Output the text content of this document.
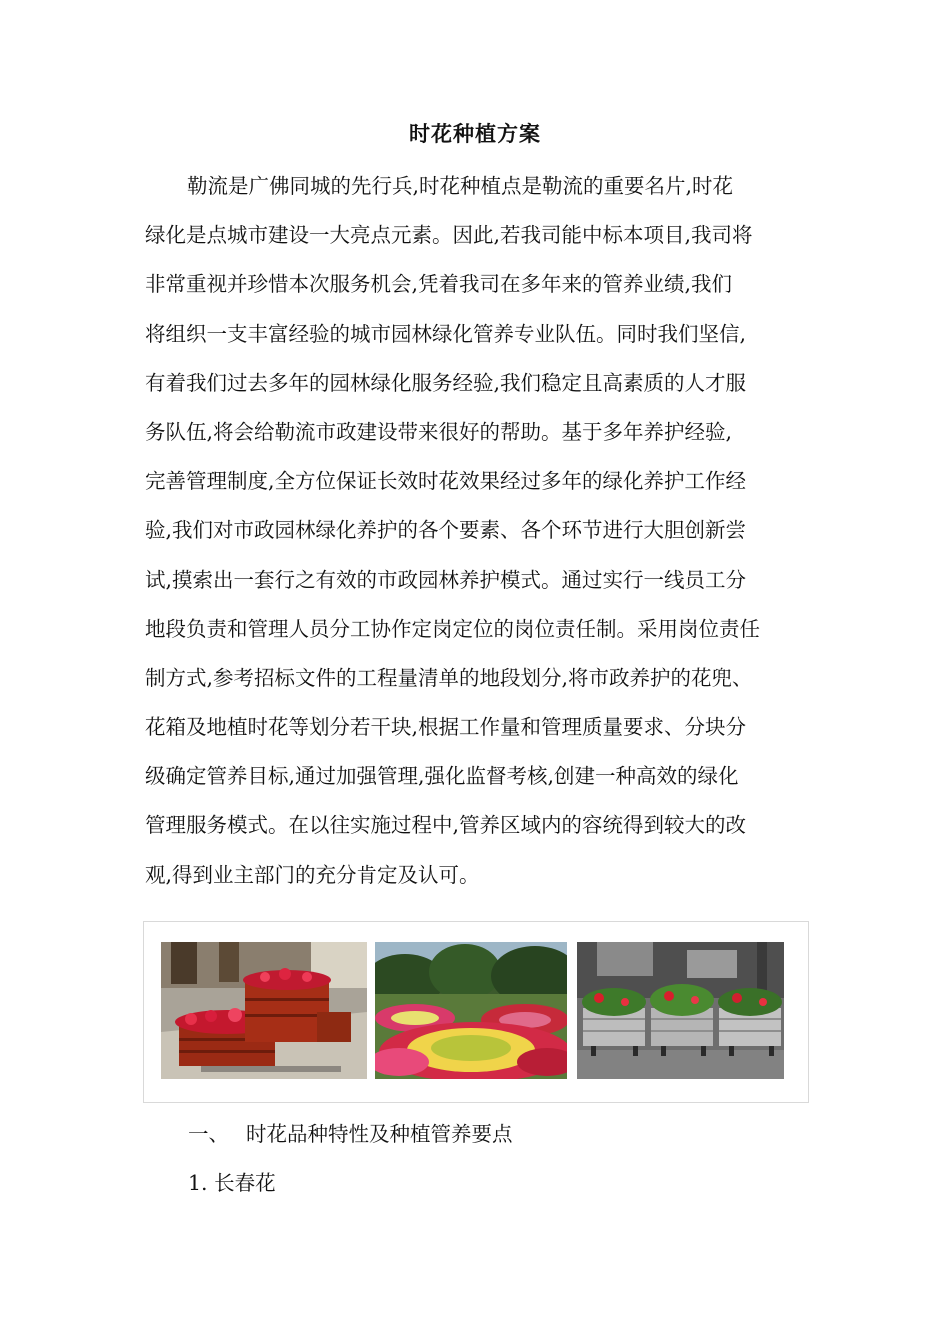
时花种植方案
勒流是广佛同城的先行兵,时花种植点是勒流的重要名片,时花
绿化是点城市建设一大亮点元素。因此,若我司能中标本项目,我司将
非常重视并珍惜本次服务机会,凭着我司在多年来的管养业绩,我们
将组织一支丰富经验的城市园林绿化管养专业队伍。同时我们坚信,
有着我们过去多年的园林绿化服务经验,我们稳定且高素质的人才服
务队伍,将会给勒流市政建设带来很好的帮助。基于多年养护经验,
完善管理制度,全方位保证长效时花效果经过多年的绿化养护工作经
验,我们对市政园林绿化养护的各个要素、各个环节进行大胆创新尝
试,摸索出一套行之有效的市政园林养护模式。通过实行一线员工分
地段负责和管理人员分工协作定岗定位的岗位责任制。采用岗位责任
制方式,参考招标文件的工程量清单的地段划分,将市政养护的花兜、
花箱及地植时花等划分若干块,根据工作量和管理质量要求、分块分
级确定管养目标,通过加强管理,强化监督考核,创建一种高效的绿化
管理服务模式。在以往实施过程中,管养区域内的容统得到较大的改
观,得到业主部门的充分肯定及认可。
一、 时花品种特性及种植管养要点
1. 长春花
